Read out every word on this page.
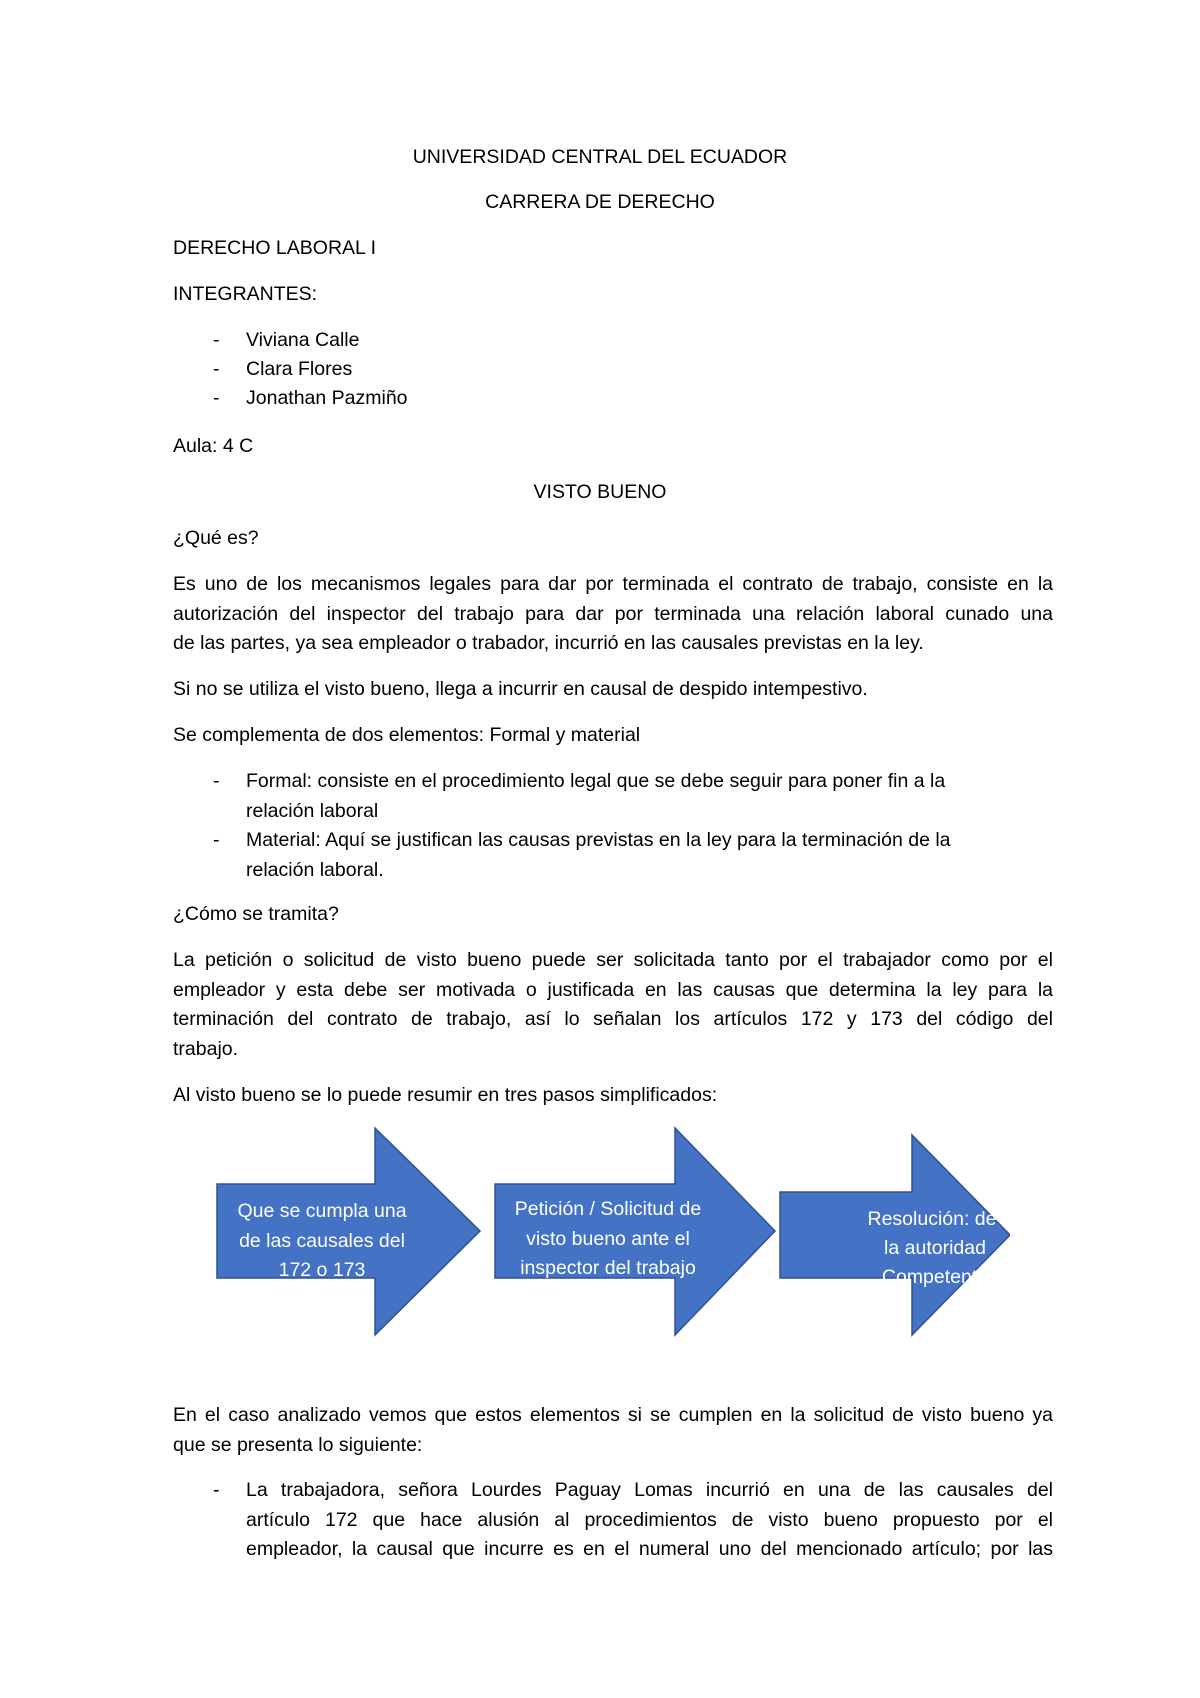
UNIVERSIDAD CENTRAL DEL ECUADOR

CARRERA DE DERECHO

DERECHO LABORAL I

INTEGRANTES:

- Viviana Calle
- Clara Flores
- Jonathan Pazmiño

Aula: 4 C

VISTO BUENO

¿Qué es?

Es uno de los mecanismos legales para dar por terminada el contrato de trabajo, consiste en la
autorización del inspector del trabajo para dar por terminada una relación laboral cunado una
de las partes, ya sea empleador o trabador, incurrió en las causales previstas en la ley.

Si no se utiliza el visto bueno, llega a incurrir en causal de despido intempestivo.

Se complementa de dos elementos: Formal y material

- Formal: consiste en el procedimiento legal que se debe seguir para poner fin a la
relación laboral
- Material: Aquí se justifican las causas previstas en la ley para la terminación de la
relación laboral.

¿Cómo se tramita?

La petición o solicitud de visto bueno puede ser solicitada tanto por el trabajador como por el
empleador y esta debe ser motivada o justificada en las causas que determina la ley para la
terminación del contrato de trabajo, así lo señalan los artículos 172 y 173 del código del
trabajo.

Al visto bueno se lo puede resumir en tres pasos simplificados:

Que se cumpla una
de las causales del
172 o 173
Petición / Solicitud de
visto bueno ante el
inspector del trabajo
Resolución: de
la autoridad
Competente
En el caso analizado vemos que estos elementos si se cumplen en la solicitud de visto bueno ya
que se presenta lo siguiente:
- La trabajadora, señora Lourdes Paguay Lomas incurrió en una de las causales del
artículo 172 que hace alusión al procedimientos de visto bueno propuesto por el
empleador, la causal que incurre es en el numeral uno del mencionado artículo; por las
